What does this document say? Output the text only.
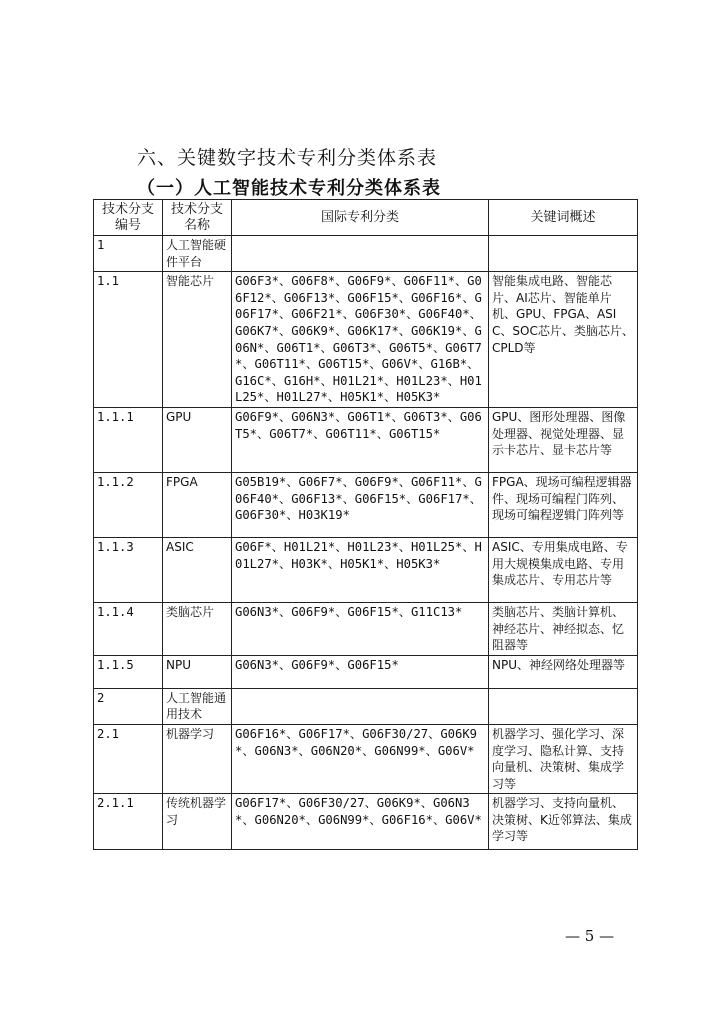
六、关键数字技术专利分类体系表
（一）人工智能技术专利分类体系表
技术分支编号	技术分支名称	国际专利分类	关键词概述
1	人工智能硬件平台		
1.1	智能芯片	G06F3*、G06F8*、G06F9*、G06F11*、G06F12*、G06F13*、G06F15*、G06F16*、G06F17*、G06F21*、G06F30*、G06F40*、G06K7*、G06K9*、G06K17*、G06K19*、G06N*、G06T1*、G06T3*、G06T5*、G06T7*、G06T11*、G06T15*、G06V*、G16B*、G16C*、G16H*、H01L21*、H01L23*、H01L25*、H01L27*、H05K1*、H05K3*	智能集成电路、智能芯片、AI芯片、智能单片机、GPU、FPGA、ASIC、SOC芯片、类脑芯片、CPLD等
1.1.1	GPU	G06F9*、G06N3*、G06T1*、G06T3*、G06T5*、G06T7*、G06T11*、G06T15*	GPU、图形处理器、图像处理器、视觉处理器、显示卡芯片、显卡芯片等
1.1.2	FPGA	G05B19*、G06F7*、G06F9*、G06F11*、G06F40*、G06F13*、G06F15*、G06F17*、G06F30*、H03K19*	FPGA、现场可编程逻辑器件、现场可编程门阵列、现场可编程逻辑门阵列等
1.1.3	ASIC	G06F*、H01L21*、H01L23*、H01L25*、H01L27*、H03K*、H05K1*、H05K3*	ASIC、专用集成电路、专用大规模集成电路、专用集成芯片、专用芯片等
1.1.4	类脑芯片	G06N3*、G06F9*、G06F15*、G11C13*	类脑芯片、类脑计算机、神经芯片、神经拟态、忆阻器等
1.1.5	NPU	G06N3*、G06F9*、G06F15*	NPU、神经网络处理器等
2	人工智能通用技术		
2.1	机器学习	G06F16*、G06F17*、G06F30/27、G06K9*、G06N3*、G06N20*、G06N99*、G06V*	机器学习、强化学习、深度学习、隐私计算、支持向量机、决策树、集成学习等
2.1.1	传统机器学习	G06F17*、G06F30/27、G06K9*、G06N3*、G06N20*、G06N99*、G06F16*、G06V*	机器学习、支持向量机、决策树、K近邻算法、集成学习等
— 5 —
